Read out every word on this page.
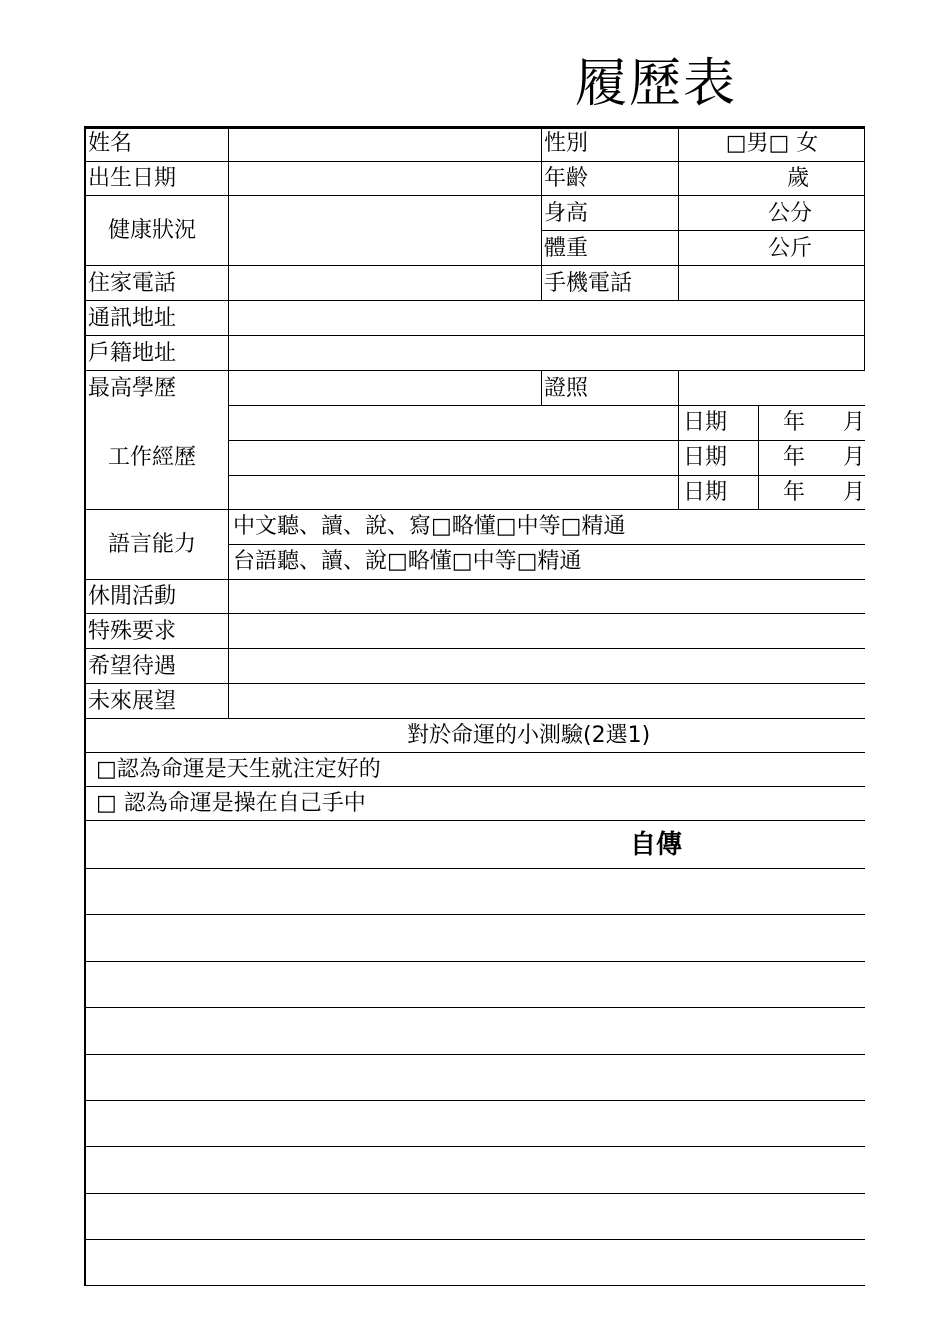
履歷表
姓名	性別	□男□ 女
出生日期	年齡	歲
健康狀況
身高	公分
體重	公斤
住家電話	手機電話
通訊地址
戶籍地址
最高學歷	證照
工作經歷
日期	年 月
日期	年 月
日期	年 月
語言能力
中文聽、讀、說、寫□略懂□中等□精通
台語聽、讀、說□略懂□中等□精通
休閒活動
特殊要求
希望待遇
未來展望
對於命運的小測驗(2選1)
□認為命運是天生就注定好的
□ 認為命運是操在自己手中
自傳
